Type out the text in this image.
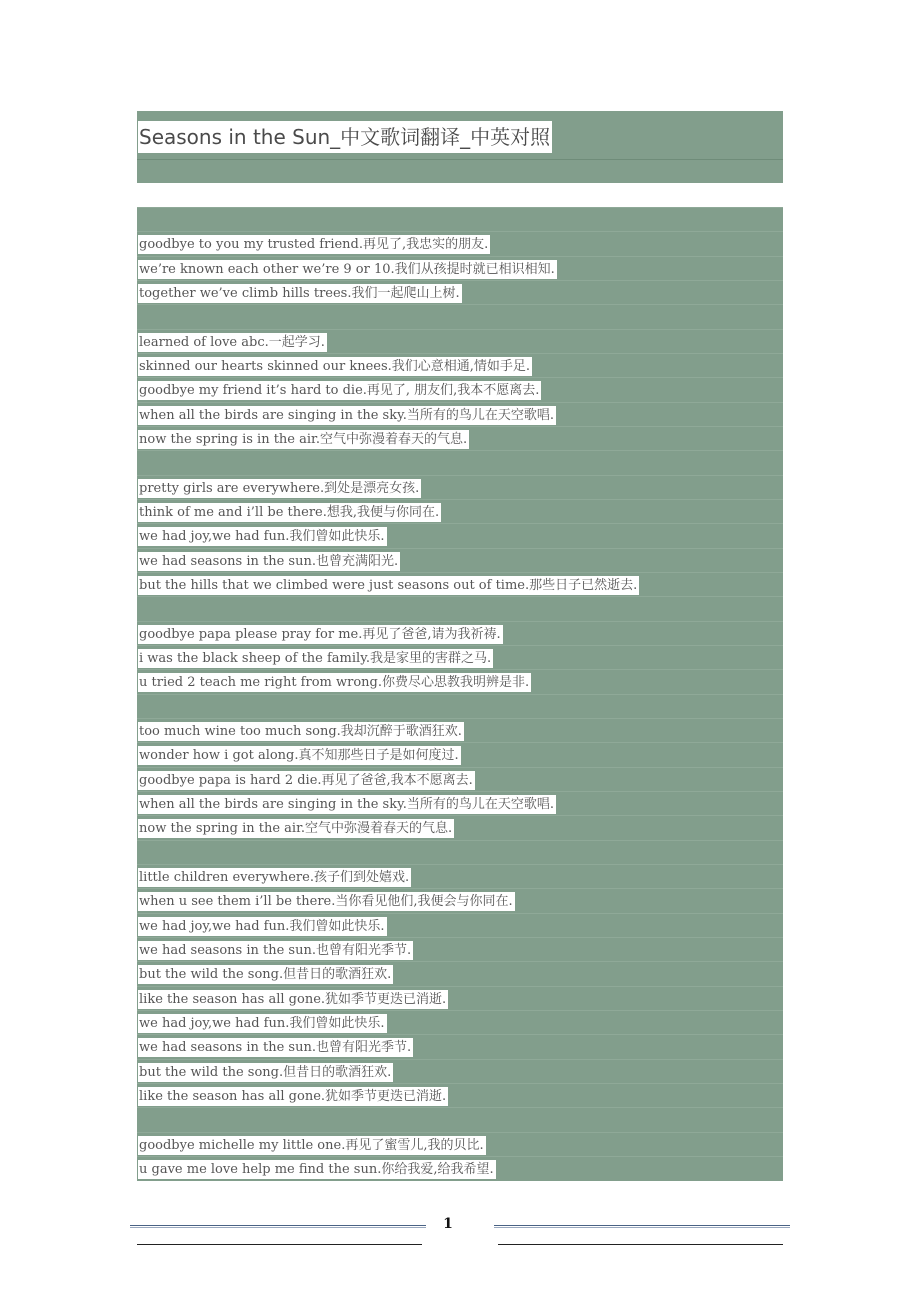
Seasons in the Sun_中文歌词翻译_中英对照
goodbye to you my trusted friend.再见了,我忠实的朋友.
we’re known each other we’re 9 or 10.我们从孩提时就已相识相知.
together we’ve climb hills trees.我们一起爬山上树.
learned of love abc.一起学习.
skinned our hearts skinned our knees.我们心意相通,情如手足.
goodbye my friend it’s hard to die.再见了, 朋友们,我本不愿离去.
when all the birds are singing in the sky.当所有的鸟儿在天空歌唱.
now the spring is in the air.空气中弥漫着春天的气息.
pretty girls are everywhere.到处是漂亮女孩.
think of me and i’ll be there.想我,我便与你同在.
we had joy,we had fun.我们曾如此快乐.
we had seasons in the sun.也曾充满阳光.
but the hills that we climbed were just seasons out of time.那些日子已然逝去.
goodbye papa please pray for me.再见了爸爸,请为我祈祷.
i was the black sheep of the family.我是家里的害群之马.
u tried 2 teach me right from wrong.你费尽心思教我明辨是非.
too much wine too much song.我却沉醉于歌酒狂欢.
wonder how i got along.真不知那些日子是如何度过.
goodbye papa is hard 2 die.再见了爸爸,我本不愿离去.
when all the birds are singing in the sky.当所有的鸟儿在天空歌唱.
now the spring in the air.空气中弥漫着春天的气息.
little children everywhere.孩子们到处嬉戏.
when u see them i’ll be there.当你看见他们,我便会与你同在.
we had joy,we had fun.我们曾如此快乐.
we had seasons in the sun.也曾有阳光季节.
but the wild the song.但昔日的歌酒狂欢.
like the season has all gone.犹如季节更迭已消逝.
we had joy,we had fun.我们曾如此快乐.
we had seasons in the sun.也曾有阳光季节.
but the wild the song.但昔日的歌酒狂欢.
like the season has all gone.犹如季节更迭已消逝.
goodbye michelle my little one.再见了蜜雪儿,我的贝比.
u gave me love help me find the sun.你给我爱,给我希望.
1
